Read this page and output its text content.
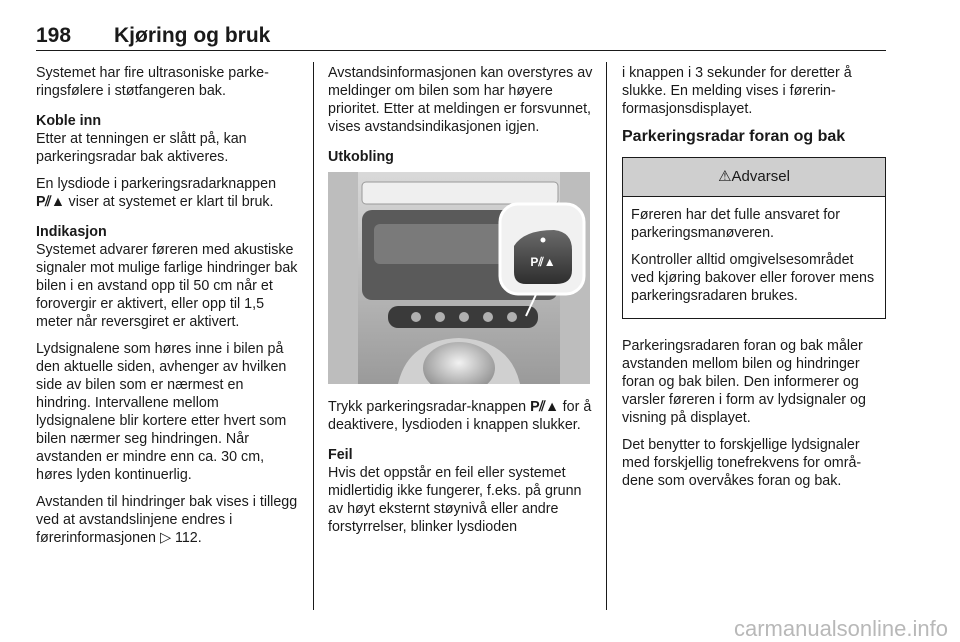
198 Kjøring og bruk

Systemet har fire ultrasoniske parkeringsfølere i støtfangeren bak.

Koble inn

Etter at tenningen er slått på, kan parkeringsradar bak aktiveres.

En lysdiode i parkeringsradarknappen P⫽▲ viser at systemet er klart til bruk.

Indikasjon

Systemet advarer føreren med akustiske signaler mot mulige farlige hindringer bak bilen i en avstand opp til 50 cm når et forovergir er aktivert, eller opp til 1,5 meter når reversgiret er aktivert.

Lydsignalene som høres inne i bilen på den aktuelle siden, avhenger av hvilken side av bilen som er nærmest en hindring. Intervallene mellom lydsignalene blir kortere etter hvert som bilen nærmer seg hindringen. Når avstanden er mindre enn ca. 30 cm, høres lyden kontinuerlig.

Avstanden til hindringer bak vises i tillegg ved at avstandslinjene endres i førerinformasjonen ▷ 112.

Avstandsinformasjonen kan overstyres av meldinger om bilen som har høyere prioritet. Etter at meldingen er forsvunnet, vises avstandsindikasjonen igjen.

Utkobling
P⫽▲

Trykk parkeringsradar-knappen P⫽▲ for å deaktivere, lysdioden i knappen slukker.

Feil

Hvis det oppstår en feil eller systemet midlertidig ikke fungerer, f.eks. på grunn av høyt eksternt støynivå eller andre forstyrrelser, blinker lysdioden

i knappen i 3 sekunder for deretter å slukke. En melding vises i førerinformasjonsdisplayet.

Parkeringsradar foran og bak
⚠ Advarsel

Føreren har det fulle ansvaret for parkeringsmanøveren.

Kontroller alltid omgivelsesområdet ved kjøring bakover eller forover mens parkeringsradaren brukes.

Parkeringsradaren foran og bak måler avstanden mellom bilen og hindringer foran og bak bilen. Den informerer og varsler føreren i form av lydsignaler og visning på displayet.

Det benytter to forskjellige lydsignaler med forskjellig tonefrekvens for områdene som overvåkes foran og bak.

carmanualsonline.info
